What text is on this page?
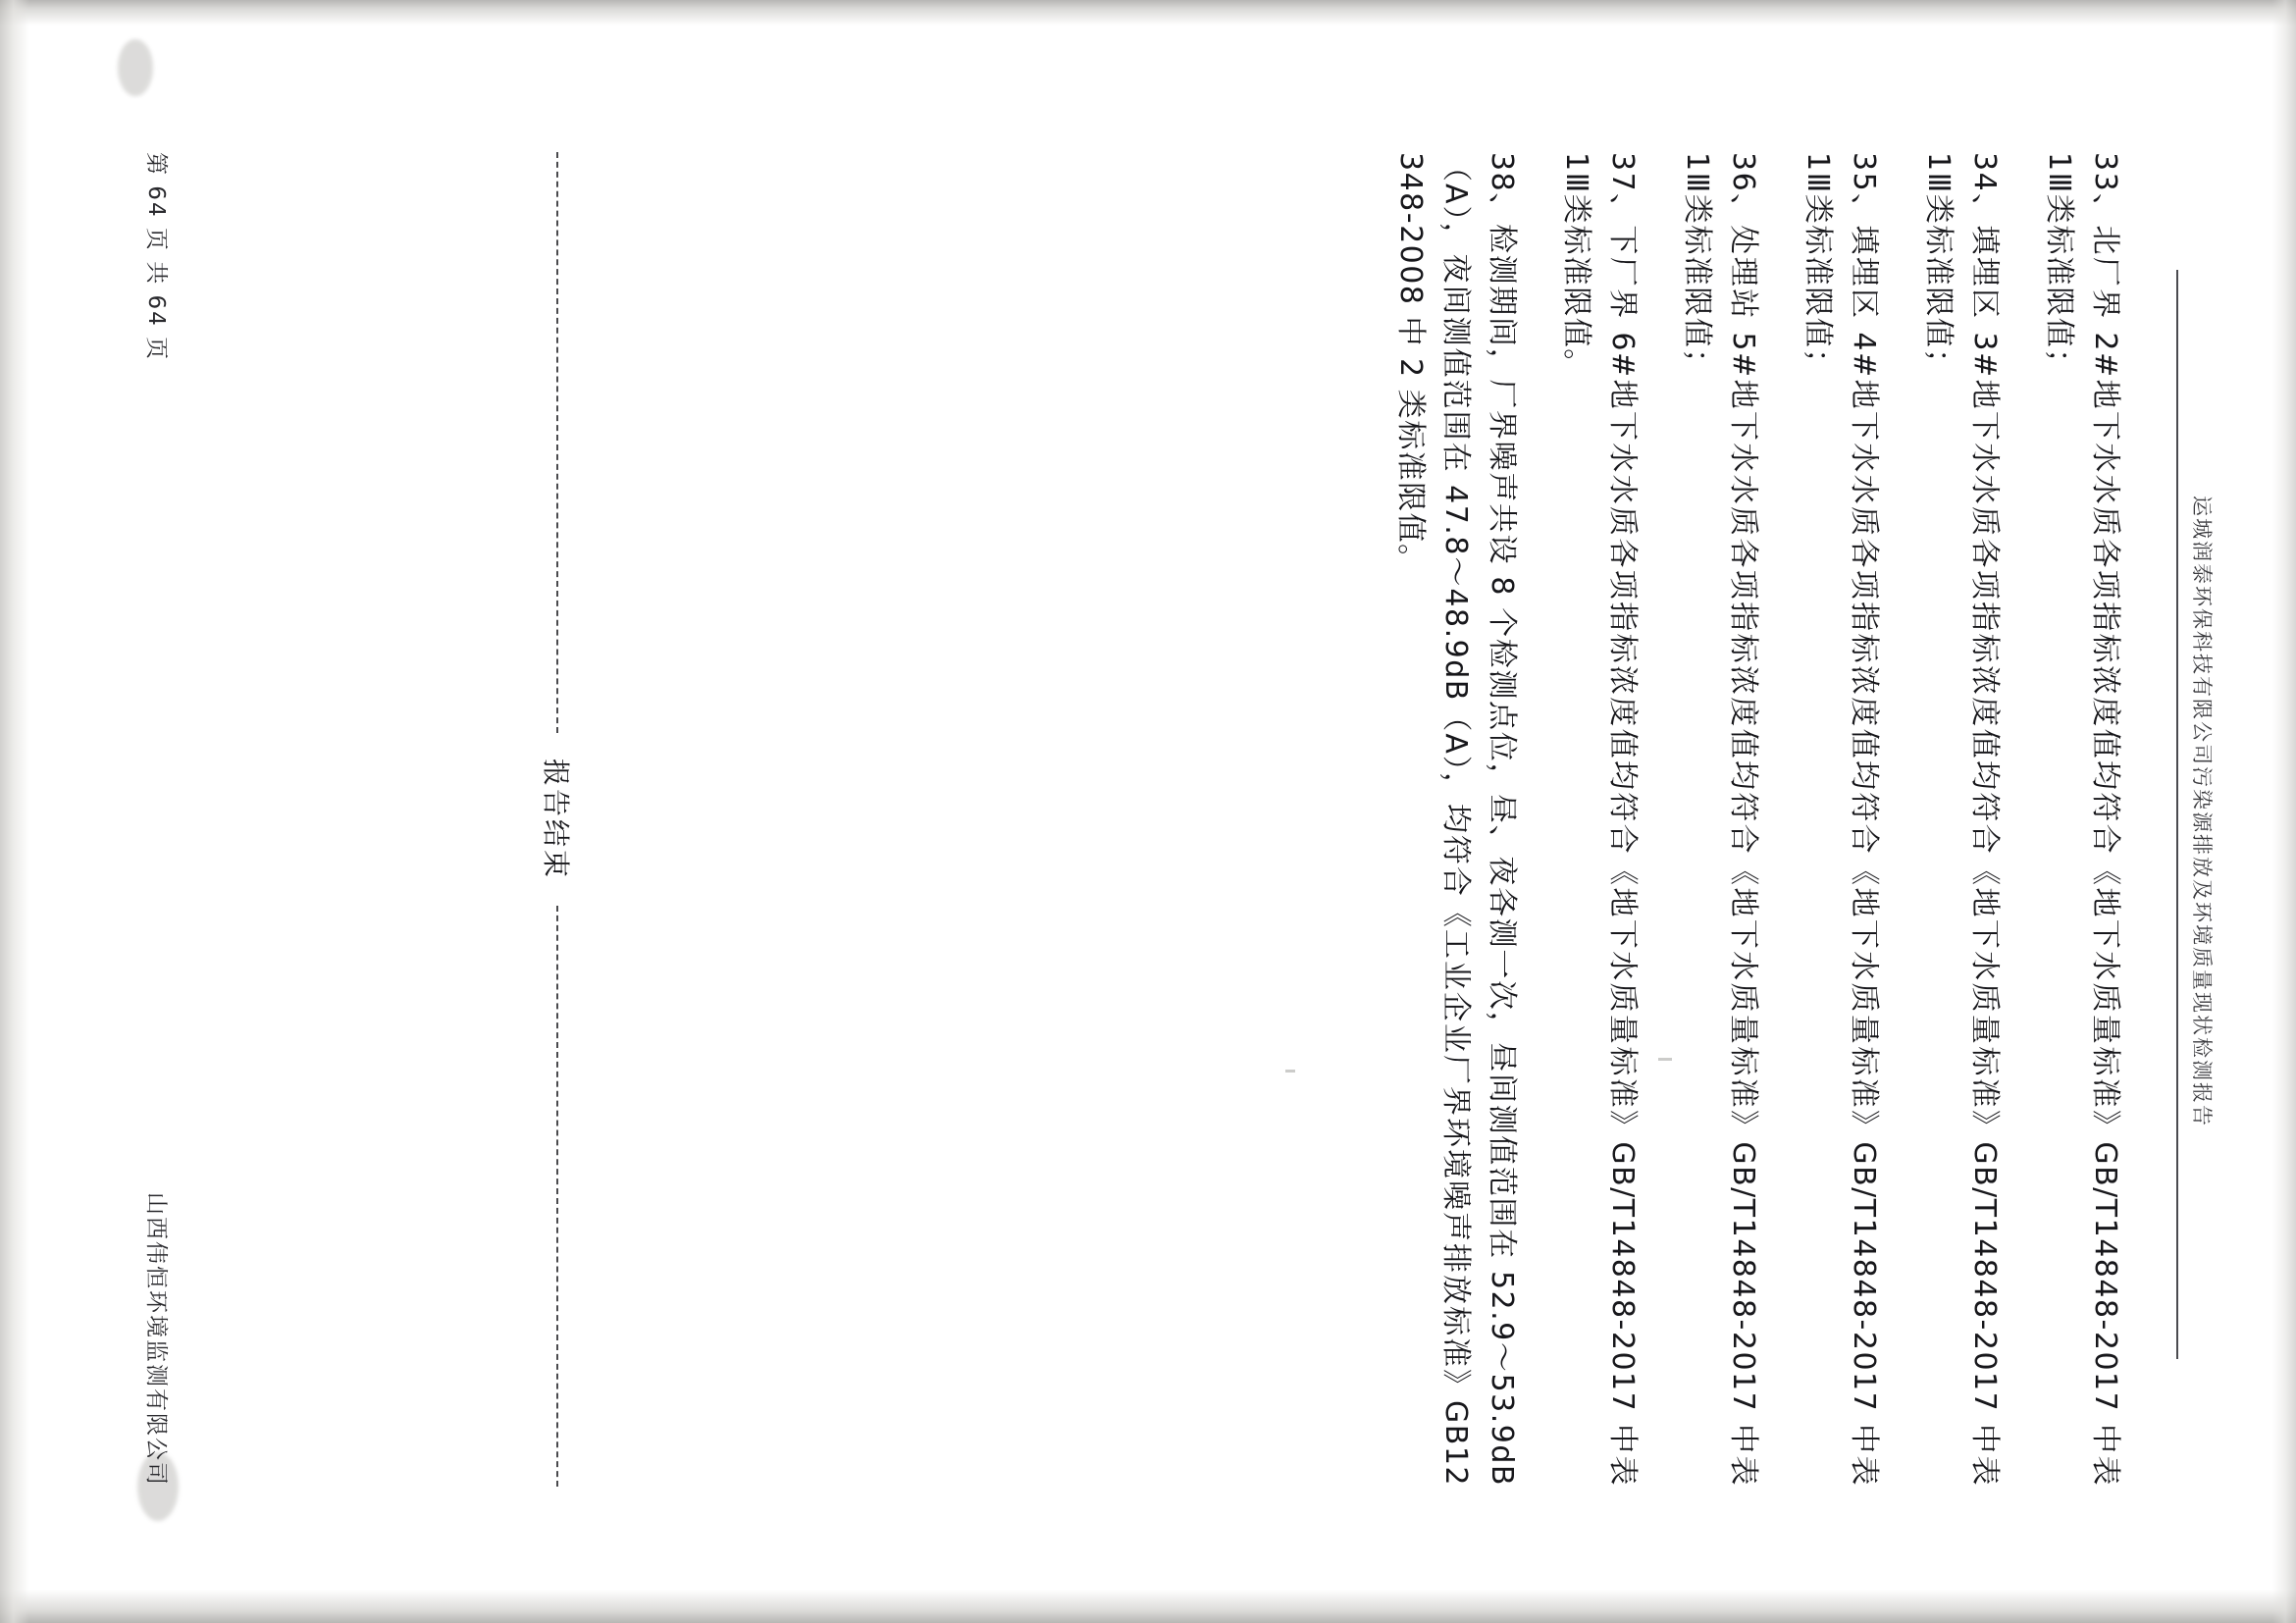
运城润泰环保科技有限公司污染源排放及环境质量现状检测报告

33、北厂界 2#地下水水质各项指标浓度值均符合《地下水质量标准》GB/T14848-2017 中表 1Ⅲ类标准限值；

34、填埋区 3#地下水水质各项指标浓度值均符合《地下水质量标准》GB/T14848-2017 中表 1Ⅲ类标准限值；

35、填埋区 4#地下水水质各项指标浓度值均符合《地下水质量标准》GB/T14848-2017 中表 1Ⅲ类标准限值；

36、处理站 5#地下水水质各项指标浓度值均符合《地下水质量标准》GB/T14848-2017 中表 1Ⅲ类标准限值；

37、下厂界 6#地下水水质各项指标浓度值均符合《地下水质量标准》GB/T14848-2017 中表 1Ⅲ类标准限值。

38、检测期间，厂界噪声共设 8 个检测点位，昼、夜各测一次，昼间测值范围在 52.9～53.9dB（A），夜间测值范围在 47.8～48.9dB（A），均符合《工业企业厂界环境噪声排放标准》GB12348-2008 中 2 类标准限值。

报告结束
第 64 页 共 64 页
山西伟恒环境监测有限公司
